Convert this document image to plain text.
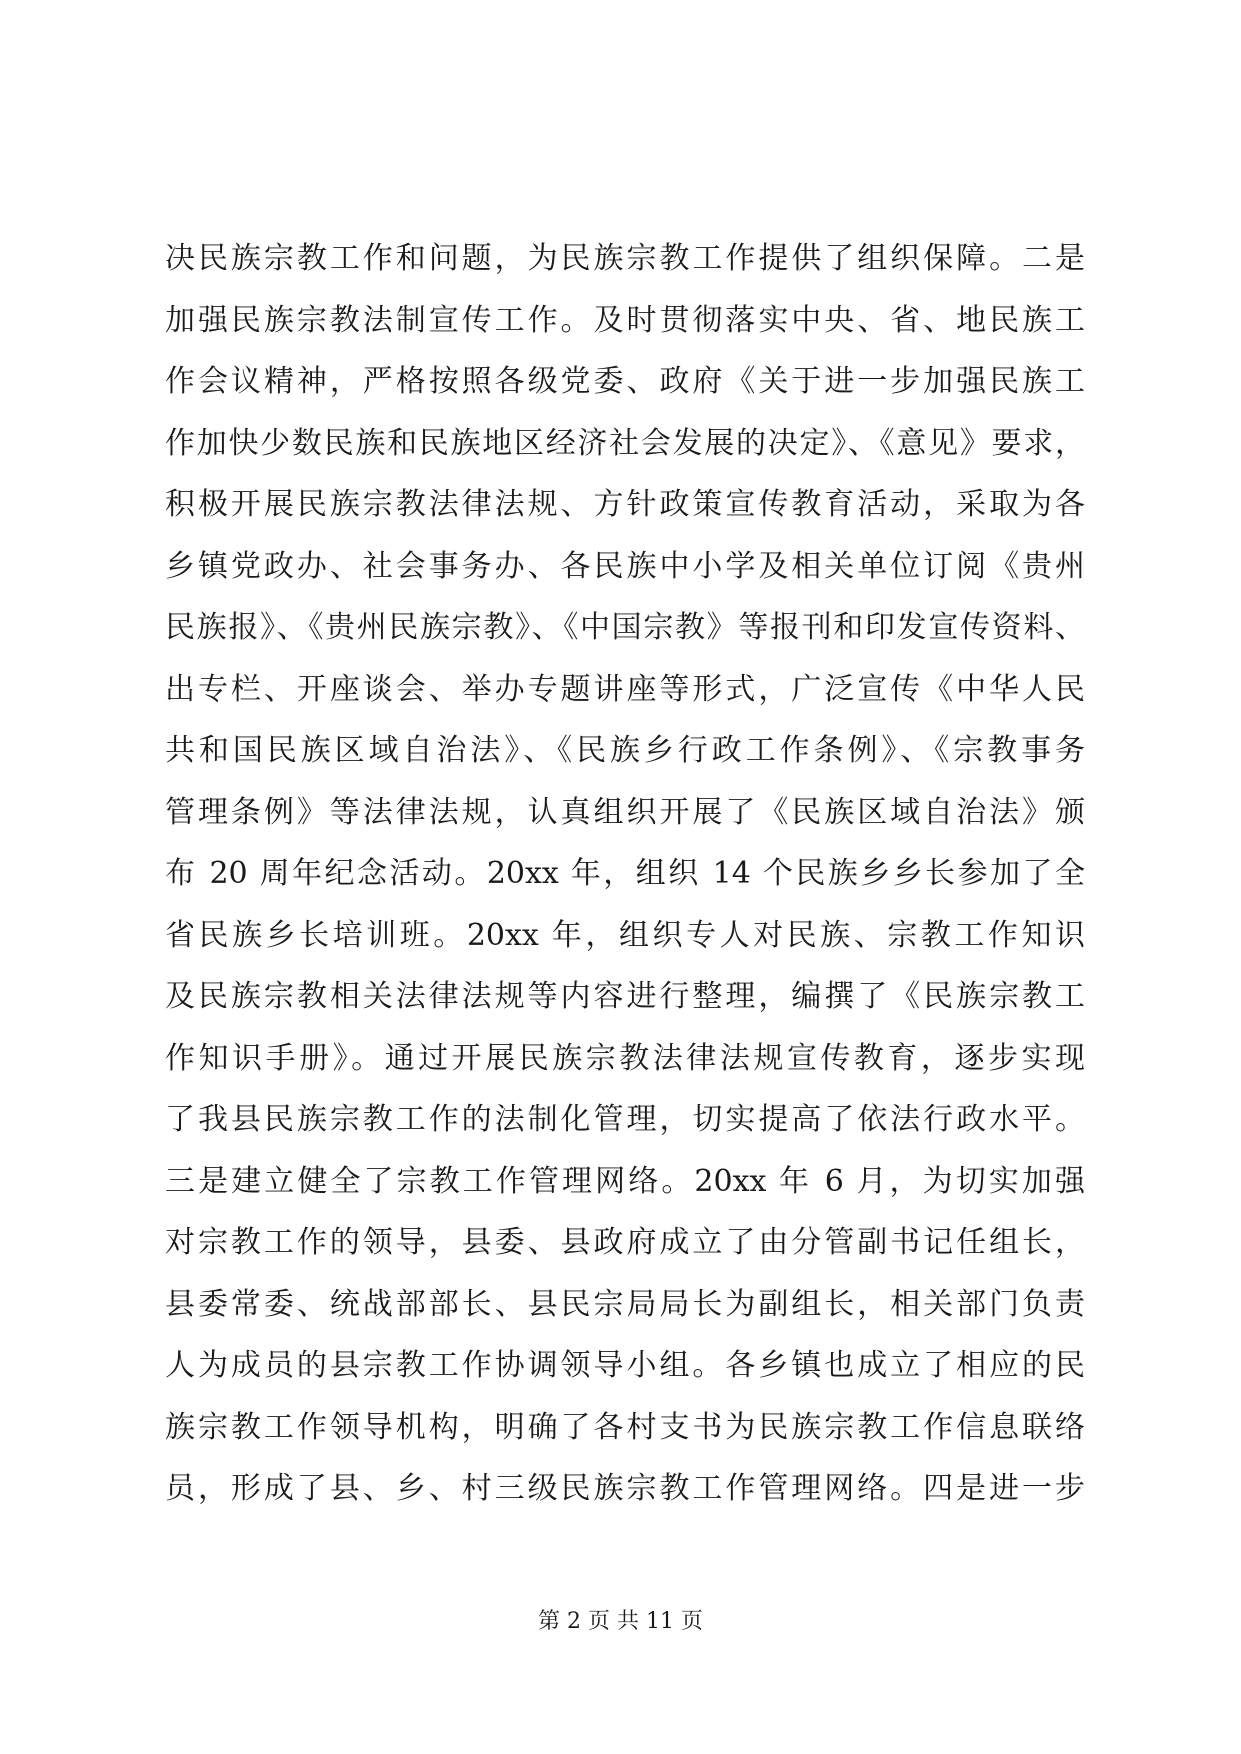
决民族宗教工作和问题，为民族宗教工作提供了组织保障。二是
加强民族宗教法制宣传工作。及时贯彻落实中央、省、地民族工
作会议精神，严格按照各级党委、政府《关于进一步加强民族工
作加快少数民族和民族地区经济社会发展的决定》、《意见》要求，
积极开展民族宗教法律法规、方针政策宣传教育活动，采取为各
乡镇党政办、社会事务办、各民族中小学及相关单位订阅《贵州
民族报》、《贵州民族宗教》、《中国宗教》等报刊和印发宣传资料、
出专栏、开座谈会、举办专题讲座等形式，广泛宣传《中华人民
共和国民族区域自治法》、《民族乡行政工作条例》、《宗教事务
管理条例》等法律法规，认真组织开展了《民族区域自治法》颁
布 20 周年纪念活动。20xx 年，组织 14 个民族乡乡长参加了全
省民族乡长培训班。20xx 年，组织专人对民族、宗教工作知识
及民族宗教相关法律法规等内容进行整理，编撰了《民族宗教工
作知识手册》。通过开展民族宗教法律法规宣传教育，逐步实现
了我县民族宗教工作的法制化管理，切实提高了依法行政水平。
三是建立健全了宗教工作管理网络。20xx 年 6 月，为切实加强
对宗教工作的领导，县委、县政府成立了由分管副书记任组长，
县委常委、统战部部长、县民宗局局长为副组长，相关部门负责
人为成员的县宗教工作协调领导小组。各乡镇也成立了相应的民
族宗教工作领导机构，明确了各村支书为民族宗教工作信息联络
员，形成了县、乡、村三级民族宗教工作管理网络。四是进一步
第 2 页 共 11 页
